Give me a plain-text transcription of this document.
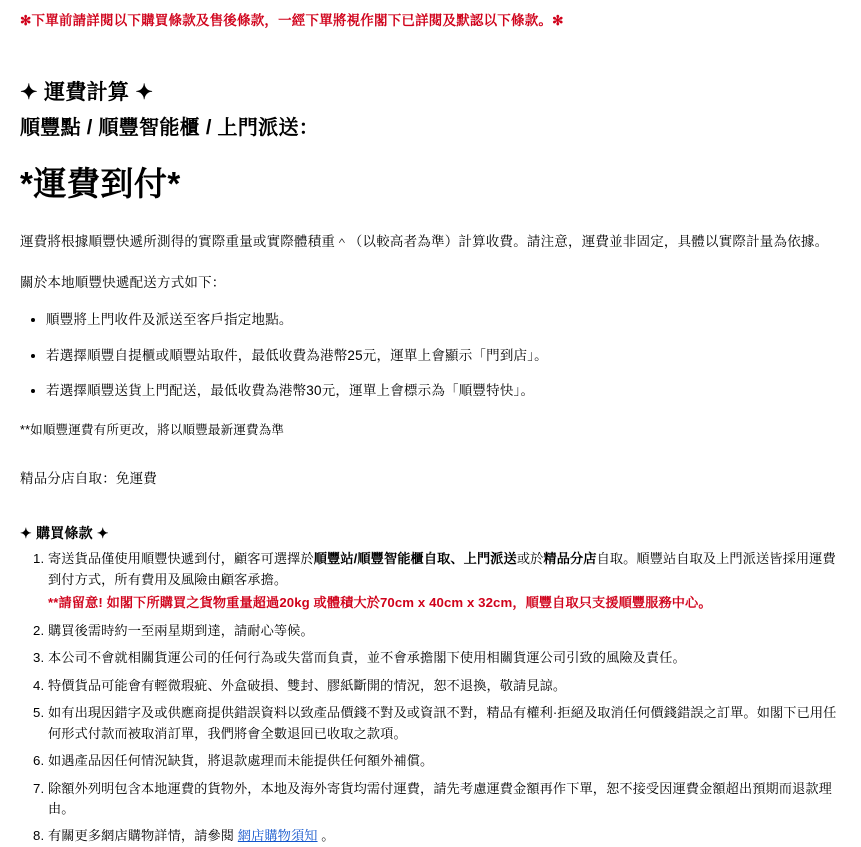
✻下單前請詳閱以下購買條款及售後條款，一經下單將視作閣下已詳閱及默認以下條款。✻
✦ 運費計算 ✦
順豐點 / 順豐智能櫃 / 上門派送：
*運費到付*

運費將根據順豐快遞所測得的實際重量或實際體積重＾（以較高者為準）計算收費。請注意，運費並非固定，具體以實際計量為依據。

關於本地順豐快遞配送方式如下：

• 順豐將上門收件及派送至客戶指定地點。
• 若選擇順豐自提櫃或順豐站取件，最低收費為港幣25元，運單上會顯示「門到店」。
• 若選擇順豐送貨上門配送，最低收費為港幣30元，運單上會標示為「順豐特快」。
**如順豐運費有所更改，將以順豐最新運費為準
精品分店自取：免運費
✦ 購買條款 ✦
1. 寄送貨品僅使用順豐快遞到付，顧客可選擇於順豐站/順豐智能櫃自取、上門派送或於精品分店自取。順豐站自取及上門派送皆採用運費到付方式，所有費用及風險由顧客承擔。
**請留意! 如閣下所購買之貨物重量超過20kg 或體積大於70cm x 40cm x 32cm，順豐自取只支援順豐服務中心。
2. 購買後需時約一至兩星期到達，請耐心等候。
3. 本公司不會就相關貨運公司的任何行為或失當而負責，並不會承擔閣下使用相關貨運公司引致的風險及責任。
4. 特價貨品可能會有輕微瑕疵、外盒破損、雙封、膠紙斷開的情況，恕不退換，敬請見諒。
5. 如有出現因錯字及或供應商提供錯誤資料以致產品價錢不對及或資訊不對，精品有權利·拒絕及取消任何價錢錯誤之訂單。如閣下已用任何形式付款而被取消訂單，我們將會全數退回已收取之款項。
6. 如遇產品因任何情況缺貨，將退款處理而未能提供任何額外補償。
7. 除額外列明包含本地運費的貨物外，本地及海外寄貨均需付運費，請先考慮運費金額再作下單，恕不接受因運費金額超出預期而退款理由。
8. 有關更多網店購物詳情，請參閱 網店購物須知 。
